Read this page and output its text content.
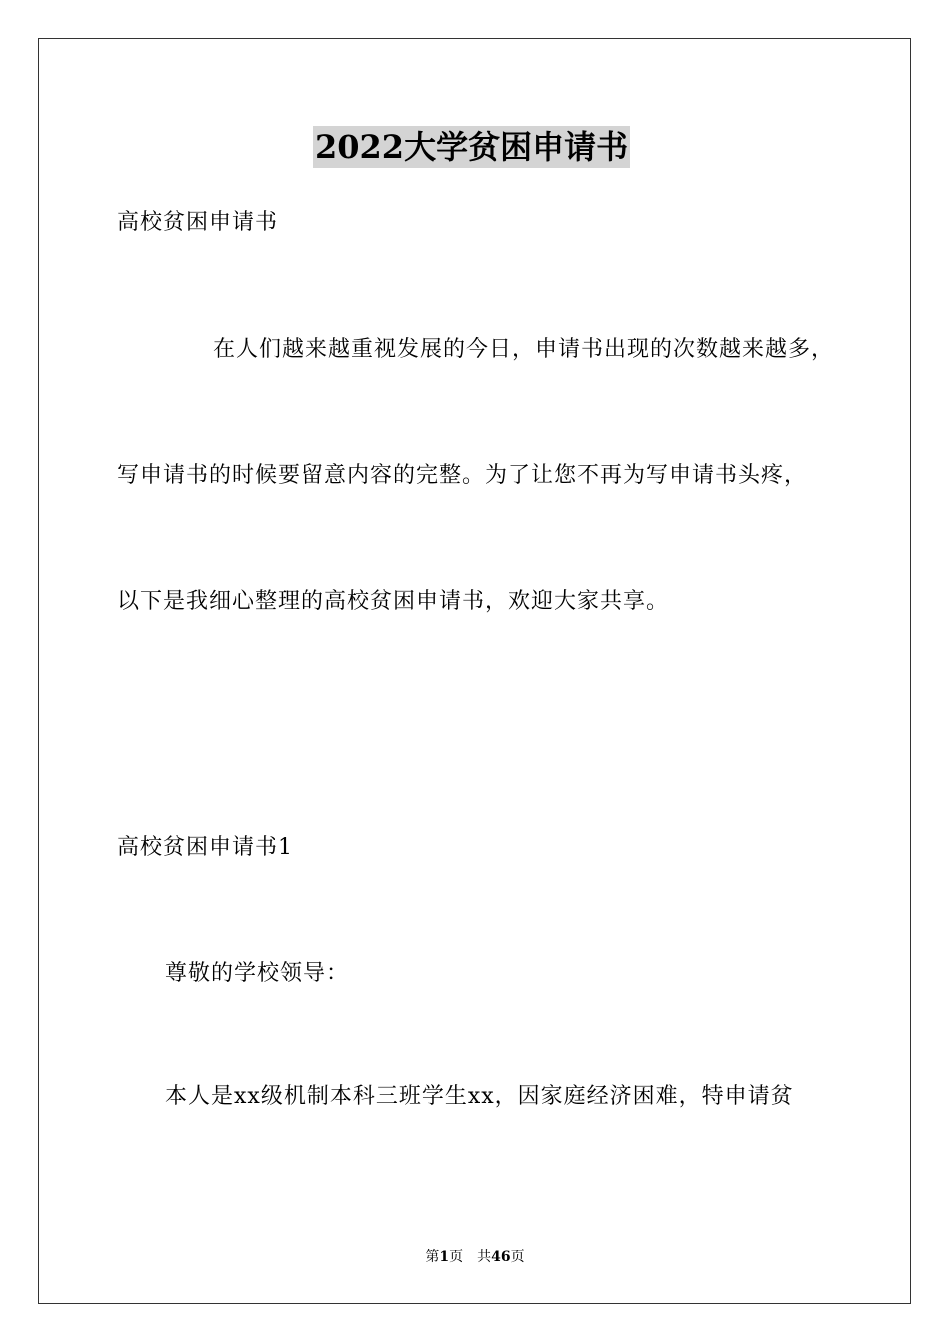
2022大学贫困申请书
高校贫困申请书
在人们越来越重视发展的今日，申请书出现的次数越来越多，
写申请书的时候要留意内容的完整。为了让您不再为写申请书头疼，
以下是我细心整理的高校贫困申请书，欢迎大家共享。
高校贫困申请书1
尊敬的学校领导：
本人是xx级机制本科三班学生xx，因家庭经济困难，特申请贫
第1页 共46页
